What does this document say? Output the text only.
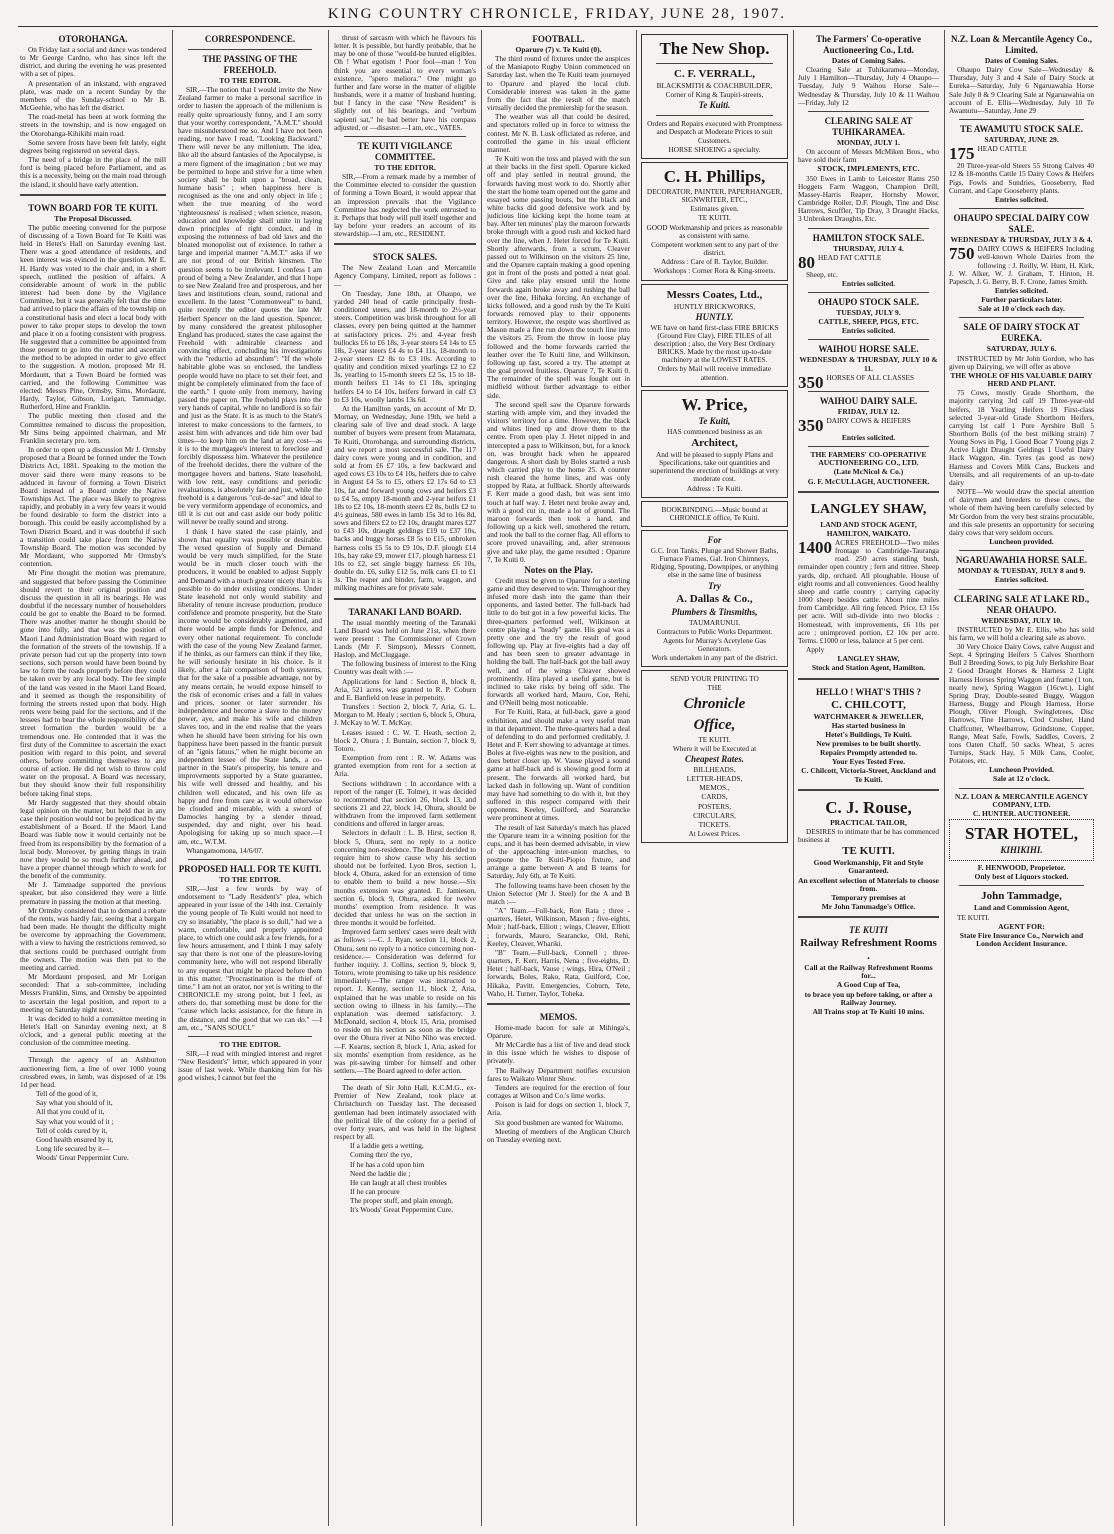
KING COUNTRY CHRONICLE, FRIDAY, JUNE 28, 1907.

OTOROHANGA.

On Friday last a social and dance was tendered to Mr George Cardno, who has since left the district, and during the evening he was presented with a set of pipes.

A presentation of an inkstand, with engraved plate, was made on a recent Sunday by the members of the Sunday-school to Mr B. McGeehie, who has left the district.

The road-metal has been at work forming the streets in the township, and is now engaged on the Otorohanga-Kihikihi main road.

Some severe frosts have been felt lately, eight degrees being registered on several days.

The need of a bridge in the place of the mill ford is being placed before Parliament, and as this is a necessity, being on the main road through the island, it should have early attention.

TOWN BOARD FOR TE KUITI.

The Proposal Discussed.

The public meeting convened for the purpose of discussing of a Town Board for Te Kuiti was held in Hetet's Hall on Saturday evening last. There was a good attendance of residents, and keen interest was evinced in the question. Mr E. H. Hardy was voted to the chair and, in a short speech, outlined the position of affairs. A considerable amount of work in the public interest had been done by the Vigilance Committee, but it was generally felt that the time had arrived to place the affairs of the township on a constitutional basis and elect a local body with power to take proper steps to develop the town and place it on a footing consistent with progress. He suggested that a committee be appointed from those present to go into the matter and ascertain the method to be adopted in order to give effect to the suggestion. A motion, proposed Mr H. Mordaunt, that a Town Board be formed was carried, and the following Committee was elected: Messrs Pine, Ormsby, Sims, Mordaunt, Hardy, Taylor, Gibson, Lorigan, Tammadge, Rutherford, Hine and Franklin.

The public meeting then closed and the Committee remained to discuss the proposition, Mr Sims being appointed chairman, and Mr Franklin secretary pro. tem.

In order to open up a discussion Mr J. Ormsby proposed that a Board be formed under the Town Districts Act, 1881. Speaking to the motion the mover said there were many reasons to be adduced in favour of forming a Town District Board instead of a Board under the Native Townships Act. The place was likely to progress rapidly, and probably in a very few years it would be found desirable to form the district into a borough. This could be easily accomplished by a Town District Board, and it was doubtful if such a transition could take place from the Native Township Board. The motion was seconded by Mr Mordaunt, who supported Mr Ormsby's contention.

Mr Pine thought the motion was premature, and suggested that before passing the Committee should revert to their original position and discuss the question in all its bearings. He was doubtful if the necessary number of householders could be got to enable the Board to be formed. There was another matter he thought should be gone into fully, and that was the position of Maori Land Administration Board with regard to the formation of the streets of the township. If a private person had cut up the property into town sections, such person would have been bound by law to form the roads properly before they could be taken over by any local body. The fee simple of the land was vested in the Maori Land Board, and it seemed as though the responsibility of forming the streets rested upon that body. High rents were being paid for the sections, and if the lessees had to bear the whole responsibility of the street formation the burden would be a tremendous one. He contended that it was the first duty of the Committee to ascertain the exact position with regard to this point, and several others, before committing themselves to any course of action. He did not wish to throw cold water on the proposal. A Board was necessary, but they should know their full responsibility before taking final steps.

Mr Hardy suggested that they should obtain legal opinion on the matter, but held that in any case their position would not be prejudiced by the establishment of a Board. If the Maori Land Board was liable now it would certainly not be freed from its responsibility by the formation of a local body. Moreover, by getting things in train now they would be so much further ahead, and have a proper channel through which to work for the benefit of the community.

Mr J. Tammadge supported the previous speaker, but also considered they were a little premature in passing the motion at that meeting.

Mr Ormsby considered that to demand a rebate of the rents, was hardly fair, seeing that a bargain had been made. He thought the difficulty might be overcome by approaching the Government, with a view to having the restrictions removed, so that sections could be purchased outright from the owners. The motion was then put to the meeting and carried.

Mr Mordaunt proposed, and Mr Lorigan seconded: That a sub-committee, including Messrs Franklin, Sims, and Ormsby be appointed to ascertain the legal position, and report to a meeting on Saturday night next.

It was decided to hold a committee meeting in Hetet's Hall on Saturday evening next, at 8 o'clock, and a general public meeting at the conclusion of the committee meeting.

Through the agency of an Ashburton auctioneering firm, a line of over 1000 young crossbred ewes, in lamb, was disposed of at 19s 1d per head.

Tell of the good of it,

Say what you should of it,

All that you could of it,

Say what you would of it ;

Tell of colds cured by it,

Good health ensured by it,

Long life secured by it—

Woods' Great Peppermint Cure.

CORRESPONDENCE.

THE PASSING OF THE FREEHOLD.

TO THE EDITOR.

SIR,—The notion that I would invite the New Zealand farmer to make a personal sacrifice in order to hasten the approach of the millenium is really quite uproariously funny, and I am sorry that your worthy correspondent, "A.M.T." should have misunderstood me so. And I have not been reading, nor have I read, "Looking Backward." There will never be any millenium. The idea, like all the absurd fantasies of the Apocalypse, is a mere figment of the imagination ; but we may be permitted to hope and strive for a time when society shall be built upon a "broad, clean, humane basis" ; when happiness here is recognised as the one and only object in life ; when the true meaning of the word 'righteousness' is realised ; when science, reason, education and knowledge shall unite in laying down principles of right conduct, and in exposing the rottenness of bad old laws and the bloated monopolist out of existence. In rather a large and imperial manner "A.M.T." asks if we are not proud of our British kinsmen. The question seems to be irrelevant. I confess I am proud of being a New Zealander, and that I hope to see New Zealand free and prosperous, and her laws and institutions clean, sound, rational and excellent. In the latest "Commonweal" to hand, quite recently the editor quotes the late Mr Herbert Spencer on the land question. Spencer, by many considered the greatest philosopher England has produced, states the case against the Freehold with admirable clearness and convincing effect, concluding his investigations with the "reductio ad absurdum": "If the whole habitable globe was so enclosed, the landless people would have no place to set their feet, and might be completely eliminated from the face of the earth." I quote only from memory, having passed the paper on. The freehold plays into the very hands of capital, while no landlord is so fair and just as the State. It is as much to the State's interest to make concessions to the farmers, to assist him with advances and tide him over bad times—to keep him on the land at any cost—as it is to the mortgagee's interest to foreclose and forcibly dispossess him. Whatever the pestilence of the freehold decides, there the vulture of the mortgagee hovers and battens. State leasehold, with low rent, easy conditions and periodic revaluations, is absolutely fair and just, while the freehold is a dangerous "cul-de-sac" and ideal to be very vermiform appendage of economics, and till it is cut out and cast aside our body politic will never be really sound and strong.

I think I have stated the case plainly, and shown that equality was possible or desirable. The vexed question of Supply and Demand would be very much simplified, for the State would be in much closer touch with the producers, it would be enabled to adjust Supply and Demand with a much greater nicety than it is possible to do under existing conditions. Under State leasehold not only would stability and liberality of tenure increase production, produce confidence and promote prosperity, but the State income would be considerably augmented, and there would be ample funds for Defence, and every other national requirement. To conclude with the case of the young New Zealand farmer, if he thinks, as our farmers can think if they like, he will seriously hesitate in his choice. Is it likely, after a fair comparison of both systems, that for the sake of a possible advantage, not by any means certain, he would expose himself to the risk of economic crises and a fall in values and prices, sooner or later surrender his independence and become a slave to the money power, aye, and make his wife and children slaves too, and in the end realise that the years when he should have been striving for his own happiness have been passed in the frantic pursuit of an "ignis fatuus," when he might become an independent lessee of the State lands, a co-partner in the State's prosperity, his tenure and improvements supported by a State guarantee, his wife well dressed and healthy, and his children well educated, and his own life as happy and free from care as it would otherwise be clouded and miserable, with a sword of Damocles hanging by a slender thread, suspended, day and night, over his head. Apologising for taking up so much space.—I am, etc., W.T.M.

Whangamomona, 14/6/07.

PROPOSED HALL FOR TE KUITI.

TO THE EDITOR.

SIR,—Just a few words by way of endorsement to "Lady Resident's" plea, which appeared in your issue of the 14th inst. Certainly the young people of Te Kuiti would not need to cry so insatiably, "the place is so dull," had we a warm, comfortable, and properly appointed place, to which one could ask a few friends, for a few hours amusement, and I think I may safely say that there is not one of the pleasure-loving community here, who will not respond liberally to any request that might be placed before them in this matter. "Procrastination is the thief of time." I am not an orator, nor yet is writing to the CHRONICLE my strong point, but I feel, as others do, that something must be done for the "cause which lacks assistance, for the future in the distance, and the good that we can do." —I am, etc., "SANS SOUCI."

TO THE EDITOR.

SIR,—I read with mingled interest and regret "New Resident's" letter, which appeared in your issue of last week. While thanking him for his good wishes, I cannot but feel the

thrust of sarcasm with which he flavours his letter. It is possible, but hardly probable, that he may be one of those "would-be hunted eligibles. Oh ! What egotism ! Poor fool—man ! You think you are essential to every woman's existence, "spero meliora." One might go further and fare worse in the matter of eligible husbands, were it a matter of husband hunting, but I fancy in the case "New Resident" is slightly out of his bearings, and "verbum sapienti sat," he had better have his compass adjusted, or —disaster.—I am, etc., VATES.

TE KUITI VIGILANCE COMMITTEE.

TO THE EDITOR.

SIR,—From a remark made by a member of the Committee elected to consider the question of forming a Town Board, it would appear that an impression prevails that the Vigilance Committee has neglected the work entrusted to it. Perhaps that body will pull itself together and lay before your readers an account of its stewardship.—I am, etc., RESIDENT.

STOCK SALES.

The New Zealand Loan and Mercantile Agency Company, Limited, report as follows :—

On Tuesday, June 18th, at Ohaupo, we yarded 240 head of cattle principally fresh-conditioned steers, and 18-month to 2½-year steers. Competition was brisk throughout for all classes, every pen being quitted at the hammer at satisfactory prices. 2½ and 4-year fresh bullocks £6 to £6 18s, 3-year steers £4 14s to £5 18s, 2-year steers £4 4s to £4 11s, 18-month to 2-year steers £2 8s to £3 10s. According to quality and condition mixed yearlings £2 to £2 3s, yearling to 15-month steers £2 5s, 15 to 18-month heifers £1 14s to £1 18s, springing heifers £4 to £4 10s, heifers forward in calf £3 to £3 10s, woolly lambs 13s 6d.

At the Hamilton yards, on account of Mr D. Mornay, on Wednesday, June 19th, we held a clearing sale of live and dead stock. A large number of buyers were present from Matamata, Te Kuiti, Otorohanga, and surrounding districts, and we report a most successful sale. The 117 dairy cows were young and in condition, and sold at from £6 £7 10s, a few backward and aged cows £3 10s to £4 10s, heifers due to calve in August £4 5s to £5, others £2 17s 6d to £3 10s, fat and forward young cows and heifers £3 to £4 5s, empty 18-month and 2-year heifers £1 18s to £2 10s, 18-month steers £2 8s, bulls £2 to 4½ guineas, 580 ewes in lamb 15s 3d to 16s 8d, sows and filters £2 to £2 10s, draught mares £27 to £43 10s, draught geldings £19 to £37 10s, hacks and buggy horses £8 5s to £15, unbroken harness colts £5 5s to £9 10s, D.F. plough £14 10s, hay rake £9, mower £17, plough harness £1 10s to £2, set single buggy harness £6 10s, double do. £6, sulky £12 5s, milk cans £1 to £1 3s. The reaper and binder, farm, waggon, and milking machines are for private sale.

TARANAKI LAND BOARD.

The usual monthly meeting of the Taranaki Land Board was held on June 21st, when there were present : The Commissioner of Crown Lands (Mr F. Simpson), Messrs Connett, Haslop, and McCluggage.

The following business of interest to the King Country was dealt with :—

Applications for land : Section 8, block 8, Aria, 521 acres, was granted to R. P. Coburn and E. Banfield on lease in perpetuity.

Transfers : Section 2, block 7, Aria, G. L. Morgan to M. Healy ; section 6, block 5, Ohura, J. McKay to W. T. McKay.

Leases issued : C. W. T. Heath, section 2, block 2, Ohura ; J. Buntain, section 7, block 9, Totoro.

Exemption from rent : R. W. Adams was granted exemption from rent for a section at Aria.

Sections withdrawn : In accordance with a report of the ranger (E. Tolme), it was decided to recommend that section 26, block 13, and sections 21 and 22, block 14, Ohura, should be withdrawn from the improved farm settlement conditions and offered in larger areas.

Selectors in default : L. B. Hirst, section 8, block 5, Ohura, sent no reply to a notice concerning non-residence. The Board decided to require him to show cause why his section should not be forfeited. Lyon Bros, section 1, block 4, Ohura, asked for an extension of time to enable them to build a new house.—Six months extension was granted. E. Jamieson, section 6, block 9, Ohura, asked for twelve months' exemption from residence. It was decided that unless he was on the section in three months it would be forfeited.

Improved farm settlers' cases were dealt with as follows :—C. J. Ryan, section 11, block 2, Ohura, sent no reply to a notice concerning non-residence.— Consideration was deferred for further inquiry. J. Collins, section 9, block 9, Totoro, wrote promising to take up his residence immediately.—The ranger was instructed to report. J. Kenny, section 11, block 2, Aria, explained that he was unable to reside on his section owing to illness in his family.—The explanation was deemed satisfactory. J. McDonald, section 4, block 15, Aria, promised to reside on his section as soon as the bridge over the Ohura river at Niho Niho was erected.—F. Kearns, section 8, block 1, Aria, asked for six months' exemption from residence, as he was pit-sawing timber for himself and other settlers.—The Board agreed to defer action.

The death of Sir John Hall, K.C.M.G., ex-Premier of New Zealand, took place at Christchurch on Tuesday last. The deceased gentleman had been intimately associated with the political life of the colony for a period of over forty years, and was held in the highest respect by all.

If a laddie gets a wetting,

Coming thro' the rye,

If he has a cold upon him

Need the laddie die ;

He can laugh at all chest troubles

If he can procure

The proper stuff, and plain enough,

It's Woods' Great Peppermint Cure.

FOOTBALL.

Oparure (7) v. Te Kuiti (0).

The third round of fixtures under the auspices of the Maniapoto Rugby Union commenced on Saturday last, when the Te Kuiti team journeyed to Oparure and played the local club. Considerable interest was taken in the game from the fact that the result of the match virtually decided the premiership for the season.

The weather was all that could be desired, and spectators rolled up in force to witness the contest. Mr N. B. Lusk officiated as referee, and controlled the game in his usual efficient manner.

Te Kuiti won the toss and played with the sun at their backs in the first spell. Oparure kicked off and play settled in neutral ground, the forwards having most work to do. Shortly after the start the home team opened out the game and essayed some passing bouts, but the black and white backs did good defensive work and by judicious line kicking kept the home team at bay. After ten minutes' play the maroon forwards broke through with a good rush and kicked hard over the line, when J. Hetet forced for Te Kuiti. Shortly afterwards, from a scrum, Cleaver passed out to Wilkinson on the visitors 25 line, and the Oparure captain making a good opening got in front of the posts and potted a neat goal. Give and take play ensued until the home forwards again broke away and rushing the ball over the line, Hihaka forcing. An exchange of kicks followed, and a good rush by the Te Kuiti forwards removed play to their opponents territory. However, the respite was shortlived as Mason made a fine run down the touch line into the visitors 25. From the throw in loose play followed and the home forwards carried the leather over the Te Kuiti line, and Wilkinson, following up fast, scored a try. The attempt at the goal proved fruitless. Oparure 7, Te Kuiti 0. The remainder of the spell was fought out in midfield without further advantage to either side.

The second spell saw the Oparure forwards starting with ample vim, and they invaded the visitors' territory for a time. However, the black and whites lined up and drove them to the centre. From open play J. Hetet nipped in and intercepted a pass to Wilkinson, but, for a knock on, was brought back when he appeared dangerous. A short dash by Boles started a rush which carried play to the home 25. A counter rush cleared the home lines, and was only stopped by Rata, at fullback. Shortly afterwards F. Kerr made a good dash, but was sent into touch at half way. J. Hetet next broke away and, with a good cut in, made a lot of ground. The maroon forwards then took a hand, and following up a kick well, smothered the return, and took the ball to the corner flag. All efforts to score proved unavailing, and, after strenuous give and take play, the game resulted : Oparure 7, Te Kuiti 0.

Notes on the Play.

Credit must be given to Oparure for a sterling game and they deserved to win. Throughout they infused more dash into the game than their opponents, and lasted better. The full-back had little to do but got in a few powerful kicks. The three-quarters performed well, Wilkinson at centre playing a "heady" game. His goal was a pretty one and the try the result of good following up. Play at five-eights had a day off and has been seen to greater advantage in holding the ball. The half-back got the ball away well, and of the wings Cleaver showed prominently. Hira played a useful game, but is inclined to take risks by being off side. The forwards all worked hard, Mauro, Coe, Rehi, and O'Neill being most noticeable.

For Te Kuiti, Rata, at full-back, gave a good exhibition, and should make a very useful man in that department. The three-quarters had a deal of defending to do and performed creditably, J. Hetet and F. Kerr showing to advantage at times. Boles at five-eights was new to the position, and does better closer up. W. Vause played a sound game at half-back and is showing good form at present. The forwards all worked hard, but lacked dash in following up. Want of condition may have had something to do with it, but they suffered in this respect compared with their opponents. Keeley, Guilford, and Searancke were prominent at times.

The result of last Saturday's match has placed the Oparure team in a winning position for the cups, and it has been deemed advisable, in view of the approaching inter-union matches, to postpone the Te Kuiti-Piopio fixture, and arrange a game between A and B teams for Saturday, July 6th, at Te Kuiti.

The following teams have been chosen by the Union Selector (Mr J. Steel) for the A and B match :—

"A" Team.—Full-back, Ron Rata ; three - quarters, Hetet, Wilkinson, Mason ; five-eights, Moir ; half-back, Elliott ; wings, Cleaver, Elliott ; forwards, Mauro, Searancke, Old, Rehi, Keeley, Cleaver, Whariki.

"B" Team.—Full-back, Connell ; three-quarters, F. Kerr, Harris, Nena ; five-eights, D. Hetet ; half-back, Vause ; wings, Hira, O'Neil ; forwards, Boles, Rako, Rata, Guilford, Coe, Hikaka, Pavitt. Emergencies, Coburn, Tete, Waho, H. Turner, Taylor, Toheka.

MEMOS.

Home-made bacon for sale at Mihinga's, Oparure.

Mr McCardie has a list of live and dead stock in this issue which he wishes to dispose of privately.

The Railway Department notifies excursion fares to Waikato Winter Show.

Tenders are required for the erection of four cottages at Wilson and Co.'s lime works.

Poison is laid for dogs on section 1, block 7, Aria.

Six good bushmen are wanted for Waitomo.

Meeting of members of the Anglican Church on Tuesday evening next.

The New Shop.

C. F. VERRALL,

BLACKSMITH & COACHBUILDER,

Corner of King & Taupiri-streets,

Te Kuiti.

Orders and Repairs executed with Promptness and Despatch at Moderate Prices to suit Customers.

HORSE SHOEING a specialty.

C. H. Phillips,

DECORATOR, PAINTER, PAPERHANGER, SIGNWRITER, ETC.,

Estimates given.

TE KUITI.

GOOD Workmanship and prices as reasonable as consistent with same.

Competent workmen sent to any part of the district.

Address : Care of R. Taylor, Builder.

Workshops : Corner Rora & King-streets.

Messrs Coates, Ltd.,

HUNTLY BRICKWORKS,

HUNTLY.

WE have on hand first-class FIRE BRICKS (Ground Fire Clay), FIRE TILES of all description ; also, the Very Best Ordinary BRICKS. Made by the most up-to-date machinery at the LOWEST RATES.

Orders by Mail will receive immediate attention.

W. Price,

Te Kuiti,

HAS commenced business as an

Architect,

And will be pleased to supply Plans and Specifications, take out quantities and superintend the erection of buildings at very moderate cost.

Address : Te Kuiti.

BOOKBINDING.—Music bound at CHRONICLE office, Te Kuiti.

For

G.C. Iron Tanks, Plunge and Shower Baths, Furnace Frames, Gal. Iron Chimneys, Ridging, Spouting, Downpipes, or anything else in the same line of business

Try

A. Dallas & Co.,

Plumbers & Tinsmiths,

TAUMARUNUI.

Contractors to Public Works Department.

Agents for Murray's Acetylene Gas Generators.

Work undertaken in any part of the district.

SEND YOUR PRINTING TO

THE

Chronicle

Office,

TE KUITI.

Where it will be Executed at

Cheapest Rates.

BILLHEADS,

LETTER-HEADS,

MEMOS.,

CARDS,

POSTERS,

CIRCULARS,

TICKETS.

At Lowest Prices.

The Farmers' Co-operative Auctioneering Co., Ltd.

Dates of Coming Sales.

Clearing Sale at Tuhikaramea—Monday, July 1 Hamilton—Thursday, July 4 Ohaupo—Tuesday, July 9 Waihou Horse Sale—Wednesday & Thursday, July 10 & 11 Waihou—Friday, July 12

CLEARING SALE AT TUHIKARAMEA.

MONDAY, JULY 1.

On account of Messrs McMiken Bros., who have sold their farm

STOCK, IMPLEMENTS, ETC.

350 Ewes in Lamb to Leicester Rams 250 Hoggets Farm Waggon, Champion Drill, Massey-Harris Reaper, Hornsby Mower, Cambridge Roller, D.F. Plough, Tine and Disc Harrows, Scuffler, Tip Dray, 3 Draught Hacks, 3 Unbroken Draughts, Etc.

HAMILTON STOCK SALE.

THURSDAY, JULY 4.

80 HEAD FAT CATTLE

Sheep, etc.

Entries solicited.

OHAUPO STOCK SALE.

TUESDAY, JULY 9.

CATTLE, SHEEP, PIGS, ETC.

Entries solicited.

WAIHOU HORSE SALE.

WEDNESDAY & THURSDAY, JULY 10 & 11.

350 HORSES OF ALL CLASSES

WAIHOU DAIRY SALE.

FRIDAY, JULY 12.

350 DAIRY COWS & HEIFERS

Entries solicited.

THE FARMERS' CO-OPERATIVE AUCTIONEERING CO., LTD.

(Late McNicol & Co.)

G. F. McCULLAGH, AUCTIONEER.

LANGLEY SHAW,

LAND AND STOCK AGENT,

HAMILTON, WAIKATO.

1400 ACRES FREEHOLD—Two miles frontage to Cambridge-Tauranga road. 250 acres standing bush, remainder open country ; fern and tittree. Sheep yards, dip, orchard. All ploughable. House of eight rooms and all conveniences. Good healthy sheep and cattle country ; carrying capacity 1000 sheep besides cattle. About nine miles from Cambridge. All ring fenced. Price, £3 15s per acre. Will sub-divide into two blocks : Homestead, with improvements, £6 10s per acre ; unimproved portion, £2 10s per acre. Terms. £1000 or less, balance at 5 per cent.

Apply

LANGLEY SHAW,

Stock and Station Agent, Hamilton.

HELLO ! WHAT'S THIS ?

C. CHILCOTT,

WATCHMAKER & JEWELLER,

Has started business in

Hetet's Buildings, Te Kuiti.

New premises to be built shortly.

Repairs Promptly attended to.

Your Eyes Tested Free.

C. Chilcott, Victoria-Street, Auckland and Te Kuiti.

C. J. Rouse,

PRACTICAL TAILOR,

DESIRES to intimate that he has commenced business at

TE KUITI.

Good Workmanship, Fit and Style Guaranteed.

An excellent selection of Materials to choose from.

Temporary premises at

Mr John Tammadge's Office.

TE KUITI

Railway Refreshment Rooms .

Call at the Railway Refreshment Rooms for...

A Good Cup of Tea,

to brace you up before taking, or after a Railway Journey.

All Trains stop at Te Kuiti 10 mins.

N.Z. Loan & Mercantile Agency Co., Limited.

Dates of Coming Sales.

Ohaupo Dairy Cow Sale—Wednesday & Thursday, July 3 and 4 Sale of Dairy Stock at Eureka—Saturday, July 6 Ngaruawahia Horse Sale July 8 & 9 Clearing Sale at Ngaruawahia on account of E. Ellis—Wednesday, July 10 Te Awamutu—Saturday, June 29

TE AWAMUTU STOCK SALE.

SATURDAY, JUNE 29.

175 HEAD CATTLE

20 Three-year-old Steers 55 Strong Calves 40 12 & 18-months Cattle 15 Dairy Cows & Heifers Pigs, Fowls and Sundries, Gooseberry, Red Currant, and Cape Gooseberry plants.

Entries solicited.

OHAUPO SPECIAL DAIRY COW SALE.

WEDNESDAY & THURSDAY, JULY 3 & 4.

750 DAIRY COWS & HEIFERS Including well-known Whole Dairies from the following : J. Reilly, W. Hunt, H. Kirk, J. W. Alker, W. J. Graham, T. Hinton, H. Papesch, J. G. Berry, B. F. Crone, James Smith.

Entries solicited.

Further particulars later.

Sale at 10 o'clock each day.

SALE OF DAIRY STOCK AT EUREKA.

SATURDAY, JULY 6.

INSTRUCTED by Mr John Gordon, who has given up Dairying, we will offer as above

THE WHOLE OF HIS VALUABLE DAIRY HERD AND PLANT.

75 Cows, mostly Grade Shorthorn, the majority carrying 3rd calf 19 Three-year-old heifers, 18 Yearling Heifers 19 First-class selected 3-year-old Grade Shorthorn Heifers, carrying 1st calf 1 Pure Ayrshire Bull 5 Shorthorn Bulls (of the best milking strain) 7 Young Sows in Pig, 1 Good Boar 7 Young pigs 2 Active Light Draught Geldings 1 Useful Dairy Hack Waggon, 4in. Tyres (as good as new) Harness and Covers Milk Cans, Buckets and Utensils, and all requirements of an up-to-date dairy

NOTE—We would draw the special attention of dairymen and breeders to these cows, the whole of them having been carefully selected by Mr Gordon from the very best strains procurable, and this sale presents an opportunity for securing dairy cows that very seldom occurs.

Luncheon provided.

NGARUAWAHIA HORSE SALE.

MONDAY & TUESDAY, JULY 8 and 9.

Entries solicited.

CLEARING SALE AT LAKE RD., NEAR OHAUPO.

WEDNESDAY, JULY 10.

INSTRUCTED by Mr E. Ellis, who has sold his farm, we will hold a clearing sale as above.

30 Very Choice Dairy Cows, calve August and Sept. 4 Springing Heifers 5 Calves Shorthorn Bull 2 Breeding Sows, to pig July Berkshire Boar 2 Good Draught Horses & Harness 2 Light Harness Horses Spring Waggon and frame (1 ton, nearly new), Spring Waggon (16cwt.), Light Spring Dray, Double-seated Buggy, Waggon Harness, Buggy and Plough Harness, Horse Plough, Oliver Plough, Swingletrees, Disc Harrows, Tine Harrows, Clod Crusher, Hand Chaffcutter, Wheelbarrow, Grindstone, Copper, Range, Meat Safe, Fowls, Saddles, Covers, 2 tons Oaten Chaff, 50 sacks Wheat, 5 acres Turnips, Stack Hay, 5 Milk Cans, Cooler, Potatoes, etc.

Luncheon Provided.

Sale at 12 o'clock.

N.Z. LOAN & MERCANTILE AGENCY COMPANY, LTD.

C. HUNTER. AUCTIONEER.

STAR HOTEL,

KIHIKIHI.

F. HENWOOD, Proprietor.

Only best of Liquors stocked.

John Tammadge,

Land and Commission Agent,

TE KUITI.

AGENT FOR:

State Fire Insurance Co., Norwich and London Accident Insurance.
